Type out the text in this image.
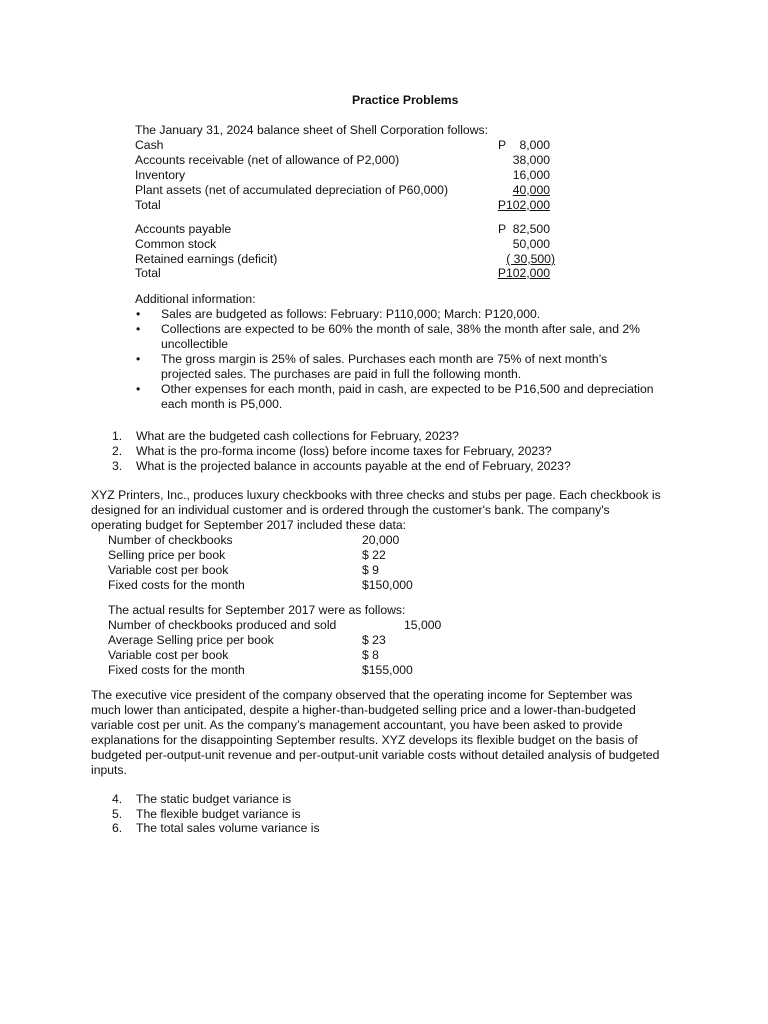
Practice Problems
The January 31, 2024 balance sheet of Shell Corporation follows:
Cash	P    8,000
Accounts receivable (net of allowance of P2,000)	38,000
Inventory	16,000
Plant assets (net of accumulated depreciation of P60,000)	40,000
Total	P102,000
Accounts payable	P  82,500
Common stock	50,000
Retained earnings (deficit)	( 30,500)
Total	P102,000
Additional information:
• Sales are budgeted as follows: February: P110,000; March: P120,000.
• Collections are expected to be 60% the month of sale, 38% the month after sale, and 2%
uncollectible
• The gross margin is 25% of sales. Purchases each month are 75% of next month’s
projected sales. The purchases are paid in full the following month.
• Other expenses for each month, paid in cash, are expected to be P16,500 and depreciation
each month is P5,000.
1. What are the budgeted cash collections for February, 2023?
2. What is the pro-forma income (loss) before income taxes for February, 2023?
3. What is the projected balance in accounts payable at the end of February, 2023?
XYZ Printers, Inc., produces luxury checkbooks with three checks and stubs per page. Each checkbook is
designed for an individual customer and is ordered through the customer's bank. The company's
operating budget for September 2017 included these data:
Number of checkbooks	20,000
Selling price per book	$ 22
Variable cost per book	$ 9
Fixed costs for the month	$150,000
The actual results for September 2017 were as follows:
Number of checkbooks produced and sold	15,000
Average Selling price per book	$ 23
Variable cost per book	$ 8
Fixed costs for the month	$155,000
The executive vice president of the company observed that the operating income for September was
much lower than anticipated, despite a higher-than-budgeted selling price and a lower-than-budgeted
variable cost per unit. As the company’s management accountant, you have been asked to provide
explanations for the disappointing September results. XYZ develops its flexible budget on the basis of
budgeted per-output-unit revenue and per-output-unit variable costs without detailed analysis of budgeted
inputs.
4. The static budget variance is
5. The flexible budget variance is
6. The total sales volume variance is
